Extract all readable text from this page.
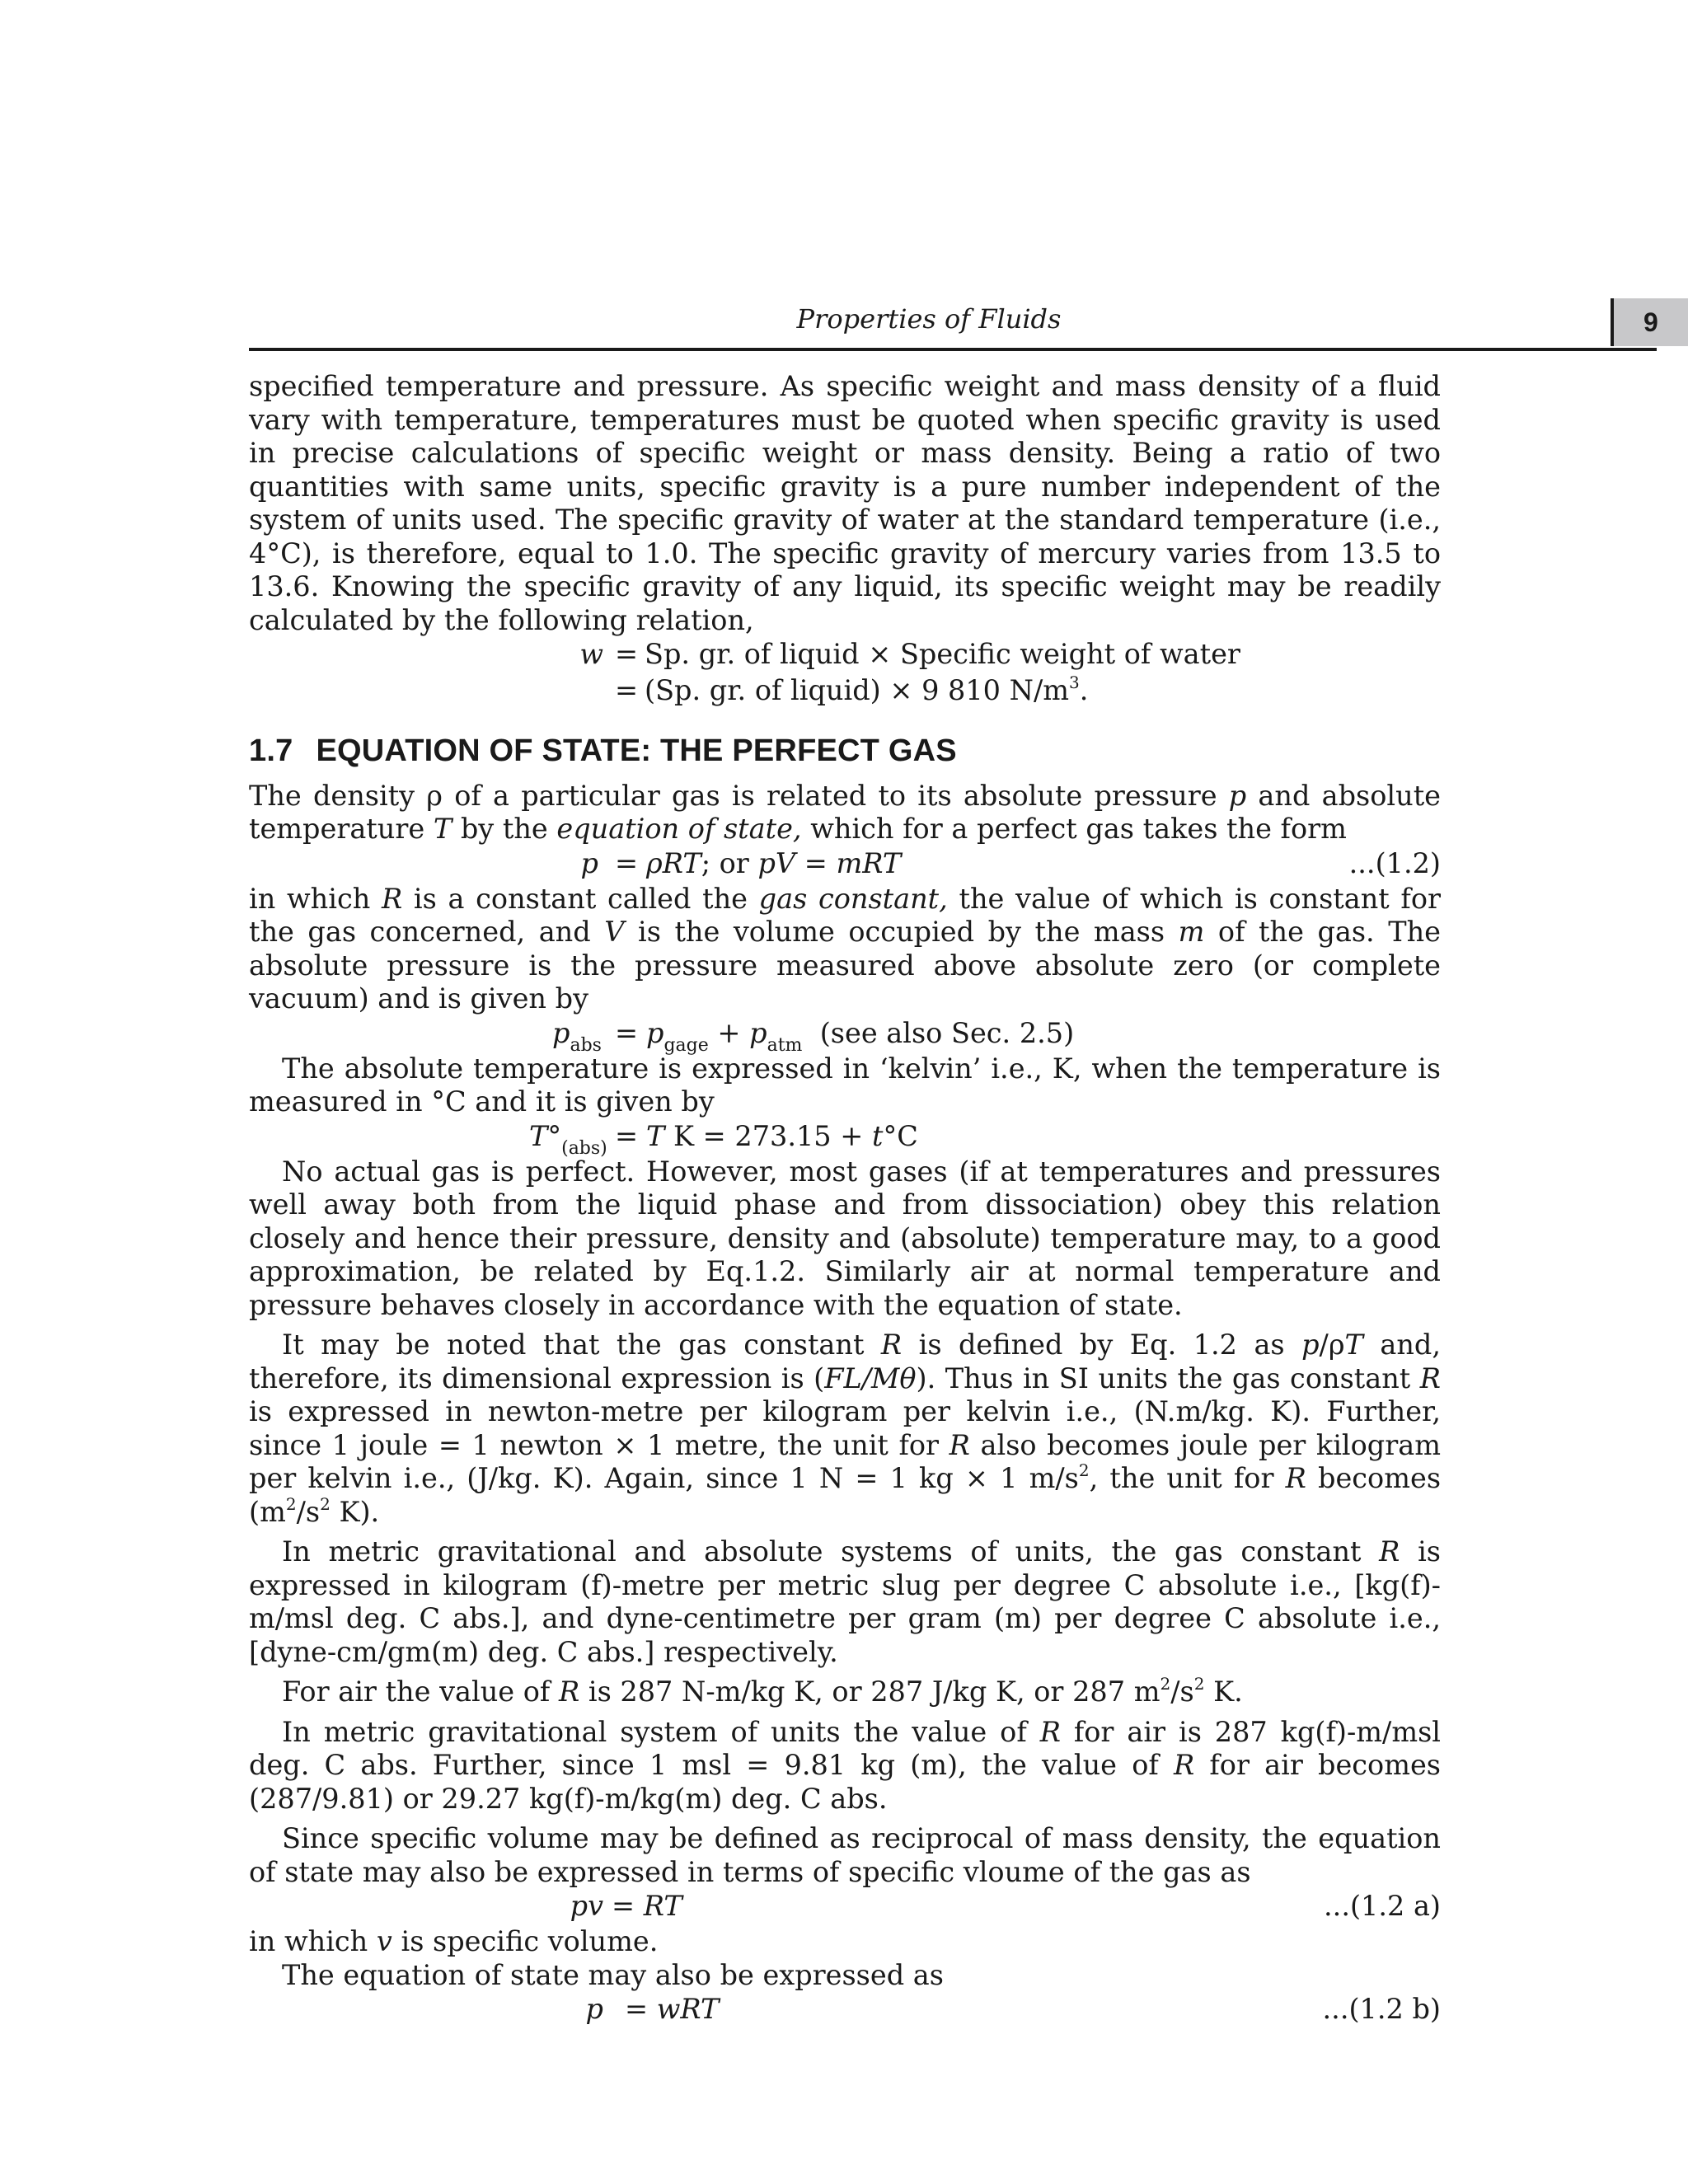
Properties of Fluids	9

specified temperature and pressure. As specific weight and mass density of a fluid vary with temperature, temperatures must be quoted when specific gravity is used in precise calculations of specific weight or mass density. Being a ratio of two quantities with same units, specific gravity is a pure number independent of the system of units used. The specific gravity of water at the standard temperature (i.e., 4°C), is therefore, equal to 1.0. The specific gravity of mercury varies from 13.5 to 13.6. Knowing the specific gravity of any liquid, its specific weight may be readily calculated by the following relation,

w = Sp. gr. of liquid × Specific weight of water
= (Sp. gr. of liquid) × 9 810 $N/m^3$.
1.7 EQUATION OF STATE: THE PERFECT GAS

The density ρ of a particular gas is related to its absolute pressure p and absolute temperature T by the equation of state, which for a perfect gas takes the form

p = ρRT; or pV = mRT	...(1.2)

in which R is a constant called the gas constant, the value of which is constant for the gas concerned, and V is the volume occupied by the mass m of the gas. The absolute pressure is the pressure measured above absolute zero (or complete vacuum) and is given by

$p_{abs} = p_{gage} + p_{atm}$ (see also Sec. 2.5)

The absolute temperature is expressed in ‘kelvin’ i.e., K, when the temperature is measured in °C and it is given by

$T^\circ_{(abs)} = T$ K = 273.15 + t°C

No actual gas is perfect. However, most gases (if at temperatures and pressures well away both from the liquid phase and from dissociation) obey this relation closely and hence their pressure, density and (absolute) temperature may, to a good approximation, be related by Eq.1.2. Similarly air at normal temperature and pressure behaves closely in accordance with the equation of state.

It may be noted that the gas constant R is defined by Eq. 1.2 as p/ρT and, therefore, its dimensional expression is (FL/Mθ). Thus in SI units the gas constant R is expressed in newton-metre per kilogram per kelvin i.e., (N.m/kg. K). Further, since 1 joule = 1 newton × 1 metre, the unit for R also becomes joule per kilogram per kelvin i.e., (J/kg. K). Again, since 1 N = 1 kg × 1 $m/s^2$, the unit for R becomes ($m^2/s^2$ K).

In metric gravitational and absolute systems of units, the gas constant R is expressed in kilogram (f)-metre per metric slug per degree C absolute i.e., [kg(f)-m/msl deg. C abs.], and dyne-centimetre per gram (m) per degree C absolute i.e., [dyne-cm/gm(m) deg. C abs.] respectively.

For air the value of R is 287 N-m/kg K, or 287 J/kg K, or 287 $m^2/s^2$ K.

In metric gravitational system of units the value of R for air is 287 kg(f)-m/msl deg. C abs. Further, since 1 msl = 9.81 kg (m), the value of R for air becomes (287/9.81) or 29.27 kg(f)-m/kg(m) deg. C abs.

Since specific volume may be defined as reciprocal of mass density, the equation of state may also be expressed in terms of specific vloume of the gas as

pv = RT	...(1.2 a)

in which v is specific volume.

The equation of state may also be expressed as

p = wRT	...(1.2 b)
